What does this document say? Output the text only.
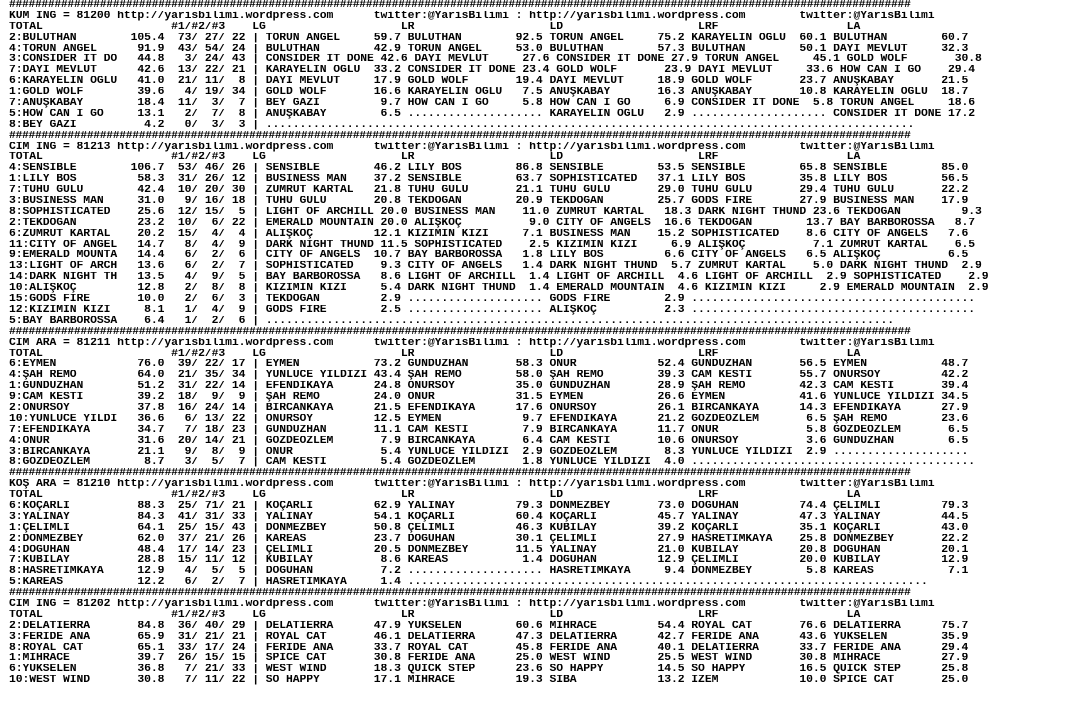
###########################################################################################################################################
KUM ING = 81200 http://yarisbilimi.wordpress.com      twitter:@YarisBilimi : http://yarisbilimi.wordpress.com        twitter:@YarisBilimi
TOTAL                   #1/#2/#3    LG                    LR                    LD                    LRF                   LA
2:BULUTHAN        105.4  73/ 27/ 22 | TORUN ANGEL     59.7 BULUTHAN        92.5 TORUN ANGEL     75.2 KARAYELİN OĞLU  60.1 BULUTHAN        60.7
4:TORUN ANGEL      91.9  43/ 54/ 24 | BULUTHAN        42.9 TORUN ANGEL     53.0 BULUTHAN        57.3 BULUTHAN        50.1 DAYI MEVLÜT     32.3
3:CONSIDER IT DO   44.8   3/ 24/ 43 | CONSIDER IT DONE 42.6 DAYI MEVLÜT     27.6 CONSIDER IT DONE 27.9 TORUN ANGEL     45.1 GOLD WOLF       30.8
7:DAYI MEVLÜT      42.6  13/ 22/ 21 | KARAYELİN OĞLU  33.2 CONSIDER IT DONE 23.4 GOLD WOLF       23.9 DAYI MEVLÜT     33.6 HOW CAN I GO    29.4
6:KARAYELİN OĞLU   41.0  21/ 11/  8 | DAYI MEVLÜT     17.9 GOLD WOLF       19.4 DAYI MEVLÜT     18.9 GOLD WOLF       23.7 ANUŞKABAY       21.5
1:GOLD WOLF        39.6   4/ 19/ 34 | GOLD WOLF       16.6 KARAYELİN OĞLU   7.5 ANUŞKABAY       16.3 ANUŞKABAY       10.8 KARAYELİN OĞLU  18.7
7:ANUŞKABAY        18.4  11/  3/  7 | BEY GAZİ         9.7 HOW CAN I GO     5.8 HOW CAN I GO     6.9 CONSIDER IT DONE  5.8 TORUN ANGEL     18.6
5:HOW CAN I GO     13.1   2/  7/  8 | ANUŞKABAY        6.5 .................... KARAYELİN OĞLU   2.9 .................... CONSIDER IT DONE 17.2
8:BEY GAZİ          4.2   0/  3/  3 | ................................................................................................
###########################################################################################################################################
CIM ING = 81213 http://yarisbilimi.wordpress.com      twitter:@YarisBilimi : http://yarisbilimi.wordpress.com        twitter:@YarisBilimi
TOTAL                   #1/#2/#3    LG                    LR                    LD                    LRF                   LA
4:SENSIBLE        106.7  53/ 46/ 26 | SENSIBLE        46.2 LILY BOS        86.8 SENSIBLE        53.5 SENSIBLE        65.8 SENSIBLE        85.0
1:LILY BOS         58.3  31/ 26/ 12 | BUSINESS MAN    37.2 SENSIBLE        63.7 SOPHISTICATED   37.1 LILY BOS        35.8 LILY BOS        56.5
7:TUHU GÜLÜ        42.4  10/ 20/ 30 | ZÜMRÜT KARTAL   21.8 TUHU GÜLÜ       21.1 TUHU GÜLÜ       29.0 TUHU GÜLÜ       29.4 TUHU GÜLÜ       22.2
3:BUSINESS MAN     31.0   9/ 16/ 18 | TUHU GÜLÜ       20.8 TEKDOĞAN        20.9 TEKDOĞAN        25.7 GODS FIRE       27.9 BUSINESS MAN    17.9
8:SOPHISTICATED    25.6  12/ 15/  5 | LIGHT OF ARCHILL 20.0 BUSINESS MAN    11.0 ZÜMRÜT KARTAL   18.3 DARK NIGHT THUND 23.6 TEKDOĞAN         9.3
2:TEKDOĞAN         23.2  10/  6/ 22 | EMERALD MOUNTAIN 20.0 ALİŞKOÇ          9.0 CITY OF ANGELS  16.6 TEKDOĞAN        13.7 BAY BARBOROSSA   8.7
6:ZÜMRÜT KARTAL    20.2  15/  4/  4 | ALİŞKOÇ         12.1 KIZIMIN KIZI     7.1 BUSINESS MAN    15.2 SOPHISTICATED    8.6 CITY OF ANGELS   7.6
11:CITY OF ANGEL   14.7   8/  4/  9 | DARK NIGHT THUND 11.5 SOPHISTICATED    2.5 KIZIMIN KIZI     6.9 ALİŞKOÇ          7.1 ZÜMRÜT KARTAL    6.5
9:EMERALD MOUNTA   14.4   6/  2/  6 | CITY OF ANGELS  10.7 BAY BARBOROSSA   1.8 LILY BOS         6.6 CITY OF ANGELS   6.5 ALİŞKOÇ          6.5
13:LIGHT OF ARCH   13.6   6/  2/  7 | SOPHISTICATED    9.3 CITY OF ANGELS   1.4 DARK NIGHT THUND  5.7 ZÜMRÜT KARTAL    5.0 DARK NIGHT THUND  2.9
14:DARK NIGHT TH   13.5   4/  9/  5 | BAY BARBOROSSA   8.6 LIGHT OF ARCHILL  1.4 LIGHT OF ARCHILL  4.6 LIGHT OF ARCHILL  2.9 SOPHISTICATED    2.9
10:ALİŞKOÇ         12.8   2/  8/  8 | KIZIMIN KIZI     5.4 DARK NIGHT THUND  1.4 EMERALD MOUNTAIN  4.6 KIZIMIN KIZI     2.9 EMERALD MOUNTAIN  2.9
15:GODS FİRE       10.0   2/  6/  3 | TEKDOĞAN         2.9 .................... GODS FIRE        2.9 ..........................................
12:KIZIMIN KIZI     8.1   1/  4/  9 | GODS FIRE        2.5 .................... ALİŞKOÇ          2.3 ..........................................
5:BAY BARBOROSSA    6.4   1/  2/  6 | .............................................................................................
###########################################################################################################################################
CIM ARA = 81211 http://yarisbilimi.wordpress.com      twitter:@YarisBilimi : http://yarisbilimi.wordpress.com        twitter:@YarisBilimi
TOTAL                   #1/#2/#3    LG                    LR                    LD                    LRF                   LA
6:EYMEN            76.0  39/ 22/ 17 | EYMEN           73.2 GÜNDÜZHAN       58.3 ONUR            52.4 GÜNDÜZHAN       56.5 EYMEN           48.7
4:ŞAH REMO         64.0  21/ 35/ 34 | YÜNLÜCE YILDIZI 43.4 ŞAH REMO        58.0 ŞAH REMO        39.3 CAM KESTİ       55.7 ONURSOY         42.2
1:GÜNDÜZHAN        51.2  31/ 22/ 14 | EFENDİKAYA      24.8 ONURSOY         35.0 GÜNDÜZHAN       28.9 ŞAH REMO        42.3 CAM KESTİ       39.4
9:CAM KESTİ        39.2  18/  9/  9 | ŞAH REMO        24.0 ONUR            31.5 EYMEN           26.6 EYMEN           41.6 YÜNLÜCE YILDIZI 34.5
2:ONURSOY          37.8  16/ 24/ 14 | BİRCANKAYA      21.5 EFENDİKAYA      17.6 ONURSOY         26.1 BİRCANKAYA      14.3 EFENDİKAYA      27.9
10:YÜNLÜCE YILDI   36.6   6/ 13/ 22 | ONURSOY         12.5 EYMEN            9.7 EFENDİKAYA      21.2 GÖZDEÖZLEM       6.5 ŞAH REMO        23.6
7:EFENDİKAYA       34.7   7/ 18/ 23 | GÜNDÜZHAN       11.1 CAM KESTİ        7.9 BİRCANKAYA      11.7 ONUR             5.8 GÖZDEÖZLEM       6.5
4:ONUR             31.6  20/ 14/ 21 | GÖZDEÖZLEM       7.9 BİRCANKAYA       6.4 CAM KESTİ       10.6 ONURSOY          3.6 GÜNDÜZHAN        6.5
3:BİRCANKAYA       21.1   9/  8/  9 | ONUR             5.4 YÜNLÜCE YILDIZI  2.9 GÖZDEÖZLEM       8.3 YÜNLÜCE YILDIZI  2.9 ....................
8:GÖZDEÖZLEM        8.7   3/  5/  7 | CAM KESTİ        5.4 GÖZDEÖZLEM       1.8 YÜNLÜCE YILDIZI  4.0 ..........................................
###########################################################################################################################################
KOŞ ARA = 81210 http://yarisbilimi.wordpress.com      twitter:@YarisBilimi : http://yarisbilimi.wordpress.com        twitter:@YarisBilimi
TOTAL                   #1/#2/#3    LG                    LR                    LD                    LRF                   LA
6:KOÇARLI          88.3  25/ 71/ 21 | KOÇARLI         62.9 YALINAY         79.3 DÖNMEZBEY       73.0 DOĞUHAN         74.4 ÇELİMLİ         79.3
3:YALINAY          84.3  41/ 31/ 33 | YALINAY         54.1 KOÇARLI         60.4 KOÇARLI         45.7 YALINAY         47.3 YALINAY         44.5
1:ÇELİMLİ          64.1  25/ 15/ 43 | DÖNMEZBEY       50.8 ÇELİMLİ         46.3 KUBİLAY         39.2 KOÇARLI         35.1 KOÇARLI         43.0
2:DÖNMEZBEY        62.0  37/ 21/ 26 | KAREAS          23.7 DOĞUHAN         30.1 ÇELİMLİ         27.9 HASRETİMKAYA    25.8 DÖNMEZBEY       22.2
4:DOĞUHAN          48.4  17/ 14/ 23 | ÇELİMLİ         20.5 DÖNMEZBEY       11.5 YALINAY         21.0 KUBİLAY         20.8 DOĞUHAN         20.1
7:KUBİLAY          28.8  15/ 11/ 12 | KUBİLAY          8.6 KAREAS           1.4 DOĞUHAN         12.9 ÇELİMLİ         20.0 KUBİLAY         12.9
8:HASRETİMKAYA     12.9   4/  5/  5 | DOĞUHAN          7.2 .................... HASRETİMKAYA     9.4 DÖNMEZBEY        5.8 KAREAS           7.1
5:KAREAS           12.2   6/  2/  7 | HASRETİMKAYA     1.4 .............................................................................
###########################################################################################################################################
CIM ING = 81202 http://yarisbilimi.wordpress.com      twitter:@YarisBilimi : http://yarisbilimi.wordpress.com        twitter:@YarisBilimi
TOTAL                   #1/#2/#3    LG                    LR                    LD                    LRF                   LA
2:DELATIERRA       84.8  36/ 40/ 29 | DELATIERRA      47.9 YÜKSELEN        60.6 MİHRACE         54.4 ROYAL CAT       76.6 DELATIERRA      75.7
3:FERİDE ANA       65.9  31/ 21/ 21 | ROYAL CAT       46.1 DELATIERRA      47.3 DELATIERRA      42.7 FERİDE ANA      43.6 YÜKSELEN        35.9
8:ROYAL CAT        65.1  33/ 17/ 24 | FERİDE ANA      33.7 ROYAL CAT       45.8 FERİDE ANA      40.1 DELATIERRA      33.7 FERİDE ANA      29.4
1:MİHRACE          39.7  26/ 15/ 15 | SPICE CAT       30.8 FERİDE ANA      25.0 WEST WIND       25.5 WEST WIND       30.8 MİHRACE         27.9
6:YÜKSELEN         36.8   7/ 21/ 33 | WEST WIND       18.3 QUICK STEP      23.6 SO HAPPY        14.5 SO HAPPY        16.5 QUICK STEP      25.8
10:WEST WIND       30.8   7/ 11/ 22 | SO HAPPY        17.1 MİHRACE         19.3 SIBA            13.2 İZEM            10.0 SPICE CAT       25.0
